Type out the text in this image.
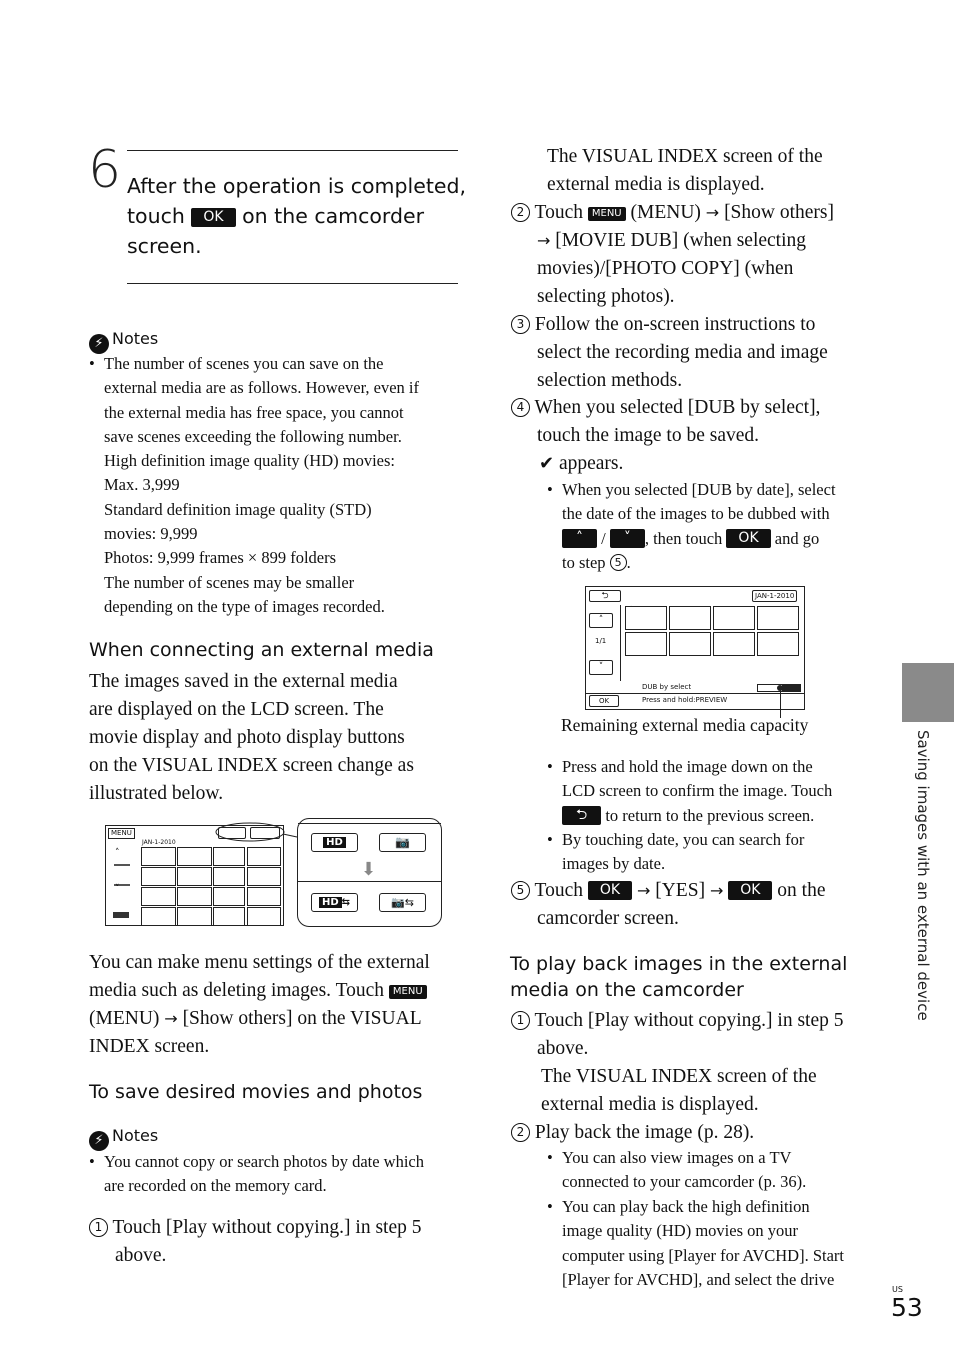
6 After the operation is completed,
touch OK on the camcorder
screen.
⚡ Notes
• The number of scenes you can save on the
external media are as follows. However, even if
the external media has free space, you cannot
save scenes exceeding the following number.
High definition image quality (HD) movies:
Max. 3,999
Standard definition image quality (STD)
movies: 9,999
Photos: 9,999 frames × 899 folders
The number of scenes may be smaller
depending on the type of images recorded.
When connecting an external media
The images saved in the external media
are displayed on the LCD screen. The
movie display and photo display buttons
on the VISUAL INDEX screen change as
illustrated below.
MENU
JAN-1-2010
˄
˅
HD	📷
⬇
HD ⇆	📷⇆
You can make menu settings of the external
media such as deleting images. Touch MENU
(MENU) → [Show others] on the VISUAL
INDEX screen.
To save desired movies and photos
⚡ Notes
• You cannot copy or search photos by date which
are recorded on the memory card.
1 Touch [Play without copying.] in step 5
above.
The VISUAL INDEX screen of the
external media is displayed.
2 Touch MENU (MENU) → [Show others]
→ [MOVIE DUB] (when selecting
movies)/[PHOTO COPY] (when
selecting photos).
3 Follow the on-screen instructions to
select the recording media and image
selection methods.
4 When you selected [DUB by select],
touch the image to be saved.
✔ appears.
• When you selected [DUB by date], select
the date of the images to be dubbed with
˄ / ˅ , then touch OK and go
to step 5 .
⮌	JAN-1-2010
˄
1/1
˅
DUB by select
OK	Press and hold:PREVIEW
Remaining external media capacity
• Press and hold the image down on the
LCD screen to confirm the image. Touch
⮌ to return to the previous screen.
• By touching date, you can search for
images by date.
5 Touch OK → [YES] → OK on the
camcorder screen.
To play back images in the external
media on the camcorder
1 Touch [Play without copying.] in step 5
above.
The VISUAL INDEX screen of the
external media is displayed.
2 Play back the image (p. 28).
• You can also view images on a TV
connected to your camcorder (p. 36).
• You can play back the high definition
image quality (HD) movies on your
computer using [Player for AVCHD]. Start
[Player for AVCHD], and select the drive
Saving images with an external device
US
53
